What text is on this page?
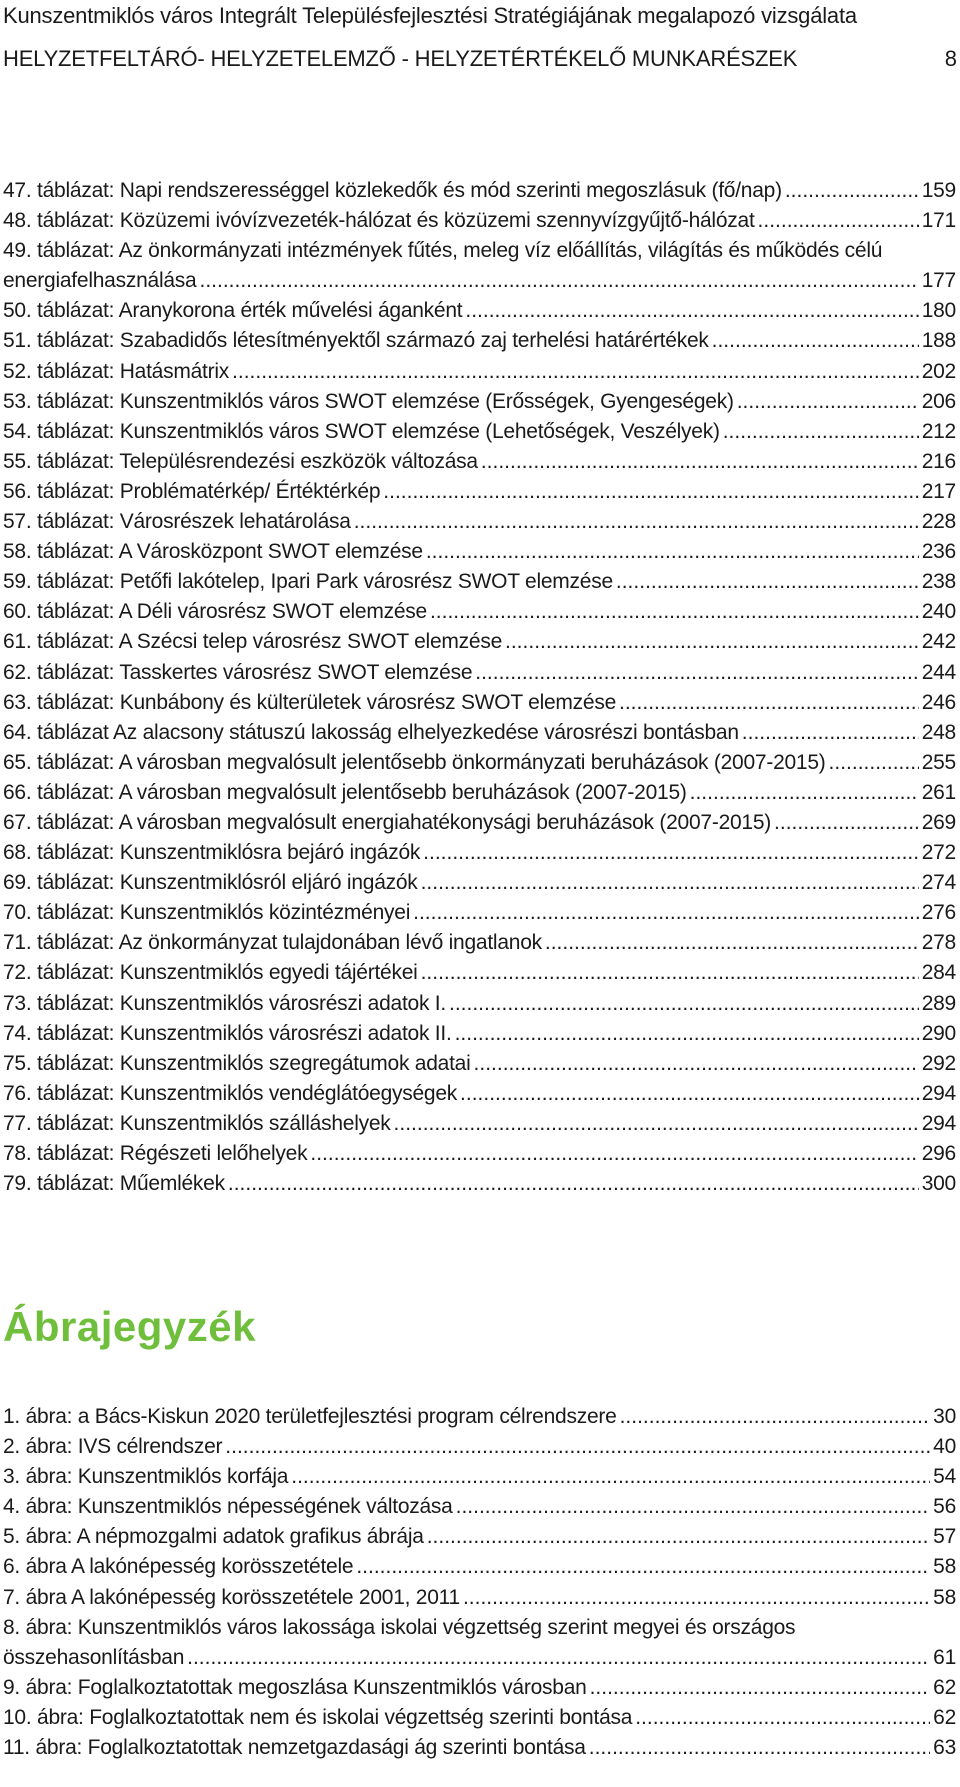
Kunszentmiklós város Integrált Településfejlesztési Stratégiájának megalapozó vizsgálata
HELYZETFELTÁRÓ- HELYZETELEMZŐ - HELYZETÉRTÉKELŐ MUNKARÉSZEK	8
47. táblázat: Napi rendszerességgel közlekedők és mód szerinti megoszlásuk (fő/nap) .....	159
48. táblázat: Közüzemi ivóvízvezeték-hálózat és közüzemi szennyvízgyűjtő-hálózat .....	171
49. táblázat: Az önkormányzati intézmények fűtés, meleg víz előállítás, világítás és működés célú
energiafelhasználása .....	177
50. táblázat: Aranykorona érték művelési áganként .....	180
51. táblázat: Szabadidős létesítményektől származó zaj terhelési határértékek .....	188
52. táblázat: Hatásmátrix .....	202
53. táblázat: Kunszentmiklós város SWOT elemzése (Erősségek, Gyengeségek) .....	206
54. táblázat: Kunszentmiklós város SWOT elemzése (Lehetőségek, Veszélyek) .....	212
55. táblázat: Településrendezési eszközök változása .....	216
56. táblázat: Problématérkép/ Értéktérkép .....	217
57. táblázat: Városrészek lehatárolása .....	228
58. táblázat: A Városközpont SWOT elemzése .....	236
59. táblázat: Petőfi lakótelep, Ipari Park városrész SWOT elemzése .....	238
60. táblázat: A Déli városrész SWOT elemzése .....	240
61. táblázat: A Szécsi telep városrész SWOT elemzése .....	242
62. táblázat: Tasskertes városrész SWOT elemzése .....	244
63. táblázat: Kunbábony és külterületek városrész SWOT elemzése .....	246
64. táblázat Az alacsony státuszú lakosság elhelyezkedése városrészi bontásban .....	248
65. táblázat: A városban megvalósult jelentősebb önkormányzati beruházások (2007-2015) .....	255
66. táblázat: A városban megvalósult jelentősebb beruházások (2007-2015) .....	261
67. táblázat: A városban megvalósult energiahatékonysági beruházások (2007-2015) .....	269
68. táblázat: Kunszentmiklósra bejáró ingázók .....	272
69. táblázat: Kunszentmiklósról eljáró ingázók .....	274
70. táblázat: Kunszentmiklós közintézményei .....	276
71. táblázat: Az önkormányzat tulajdonában lévő ingatlanok .....	278
72. táblázat: Kunszentmiklós egyedi tájértékei .....	284
73. táblázat: Kunszentmiklós városrészi adatok I. .....	289
74. táblázat: Kunszentmiklós városrészi adatok II. .....	290
75. táblázat: Kunszentmiklós szegregátumok adatai .....	292
76. táblázat: Kunszentmiklós vendéglátóegységek .....	294
77. táblázat: Kunszentmiklós szálláshelyek .....	294
78. táblázat: Régészeti lelőhelyek .....	296
79. táblázat: Műemlékek .....	300
Ábrajegyzék
1. ábra: a Bács-Kiskun 2020 területfejlesztési program célrendszere .....	30
2. ábra: IVS célrendszer .....	40
3. ábra: Kunszentmiklós korfája .....	54
4. ábra: Kunszentmiklós népességének változása .....	56
5. ábra: A népmozgalmi adatok grafikus ábrája .....	57
6. ábra A lakónépesség korösszetétele .....	58
7. ábra A lakónépesség korösszetétele 2001, 2011 .....	58
8. ábra: Kunszentmiklós város lakossága iskolai végzettség szerint megyei és országos
összehasonlításban .....	61
9. ábra: Foglalkoztatottak megoszlása Kunszentmiklós városban .....	62
10. ábra: Foglalkoztatottak nem és iskolai végzettség szerinti bontása .....	62
11. ábra: Foglalkoztatottak nemzetgazdasági ág szerinti bontása .....	63
